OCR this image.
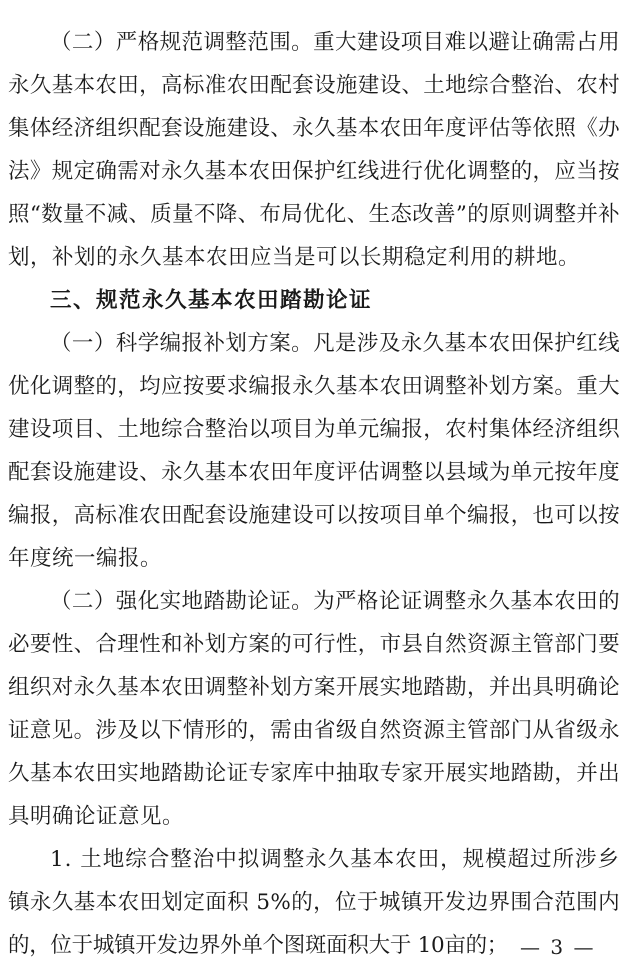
（二）严格规范调整范围。重大建设项目难以避让确需占用
永久基本农田，高标准农田配套设施建设、土地综合整治、农村
集体经济组织配套设施建设、永久基本农田年度评估等依照《办
法》规定确需对永久基本农田保护红线进行优化调整的，应当按
照“数量不减、质量不降、布局优化、生态改善”的原则调整并补
划，补划的永久基本农田应当是可以长期稳定利用的耕地。
三、规范永久基本农田踏勘论证
（一）科学编报补划方案。凡是涉及永久基本农田保护红线
优化调整的，均应按要求编报永久基本农田调整补划方案。重大
建设项目、土地综合整治以项目为单元编报，农村集体经济组织
配套设施建设、永久基本农田年度评估调整以县域为单元按年度
编报，高标准农田配套设施建设可以按项目单个编报，也可以按
年度统一编报。
（二）强化实地踏勘论证。为严格论证调整永久基本农田的
必要性、合理性和补划方案的可行性，市县自然资源主管部门要
组织对永久基本农田调整补划方案开展实地踏勘，并出具明确论
证意见。涉及以下情形的，需由省级自然资源主管部门从省级永
久基本农田实地踏勘论证专家库中抽取专家开展实地踏勘，并出
具明确论证意见。
1. 土地综合整治中拟调整永久基本农田，规模超过所涉乡
镇永久基本农田划定面积 5%的，位于城镇开发边界围合范围内
的，位于城镇开发边界外单个图斑面积大于 10亩的； — 3 —
